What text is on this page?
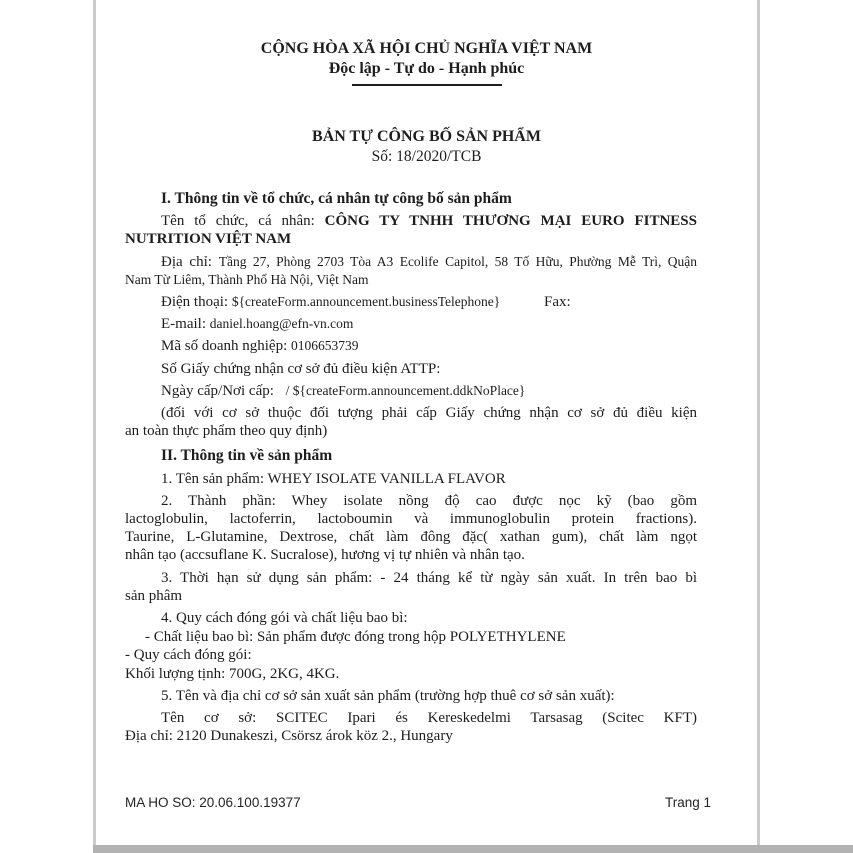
CỘNG HÒA XÃ HỘI CHỦ NGHĨA VIỆT NAM
Độc lập - Tự do - Hạnh phúc
BẢN TỰ CÔNG BỐ SẢN PHẨM
Số: 18/2020/TCB
I. Thông tin về tổ chức, cá nhân tự công bố sản phẩm
Tên tổ chức, cá nhân: CÔNG TY TNHH THƯƠNG MẠI EURO FITNESS
NUTRITION VIỆT NAM
Địa chỉ: Tầng 27, Phòng 2703 Tòa A3 Ecolife Capitol, 58 Tố Hữu, Phường Mễ Trì, Quận
Nam Từ Liêm, Thành Phố Hà Nội, Việt Nam
Điện thoại: ${createForm.announcement.businessTelephone}	Fax:
E-mail: daniel.hoang@efn-vn.com
Mã số doanh nghiệp: 0106653739
Số Giấy chứng nhận cơ sở đủ điều kiện ATTP:
Ngày cấp/Nơi cấp: / ${createForm.announcement.ddkNoPlace}
(đối với cơ sở thuộc đối tượng phải cấp Giấy chứng nhận cơ sở đủ điều kiện
an toàn thực phẩm theo quy định)
II. Thông tin về sản phẩm
1. Tên sản phẩm: WHEY ISOLATE VANILLA FLAVOR
2. Thành phần: Whey isolate nồng độ cao được nọc kỹ (bao gồm
lactoglobulin, lactoferrin, lactoboumin và immunoglobulin protein fractions).
Taurine, L-Glutamine, Dextrose, chất làm đông đặc( xathan gum), chất làm ngọt
nhân tạo (accsuflane K. Sucralose), hương vị tự nhiên và nhân tạo.
3. Thời hạn sử dụng sản phẩm: - 24 tháng kể từ ngày sản xuất. In trên bao bì
sản phâm
4. Quy cách đóng gói và chất liệu bao bì:
- Chất liệu bao bì: Sản phẩm được đóng trong hộp POLYETHYLENE
- Quy cách đóng gói:
Khối lượng tịnh: 700G, 2KG, 4KG.
5. Tên và địa chỉ cơ sở sản xuất sản phẩm (trường hợp thuê cơ sở sản xuất):
Tên cơ sở: SCITEC Ipari és Kereskedelmi Tarsasag (Scitec KFT)
Địa chỉ: 2120 Dunakeszi, Csörsz árok köz 2., Hungary
MA HO SO: 20.06.100.19377	Trang 1
